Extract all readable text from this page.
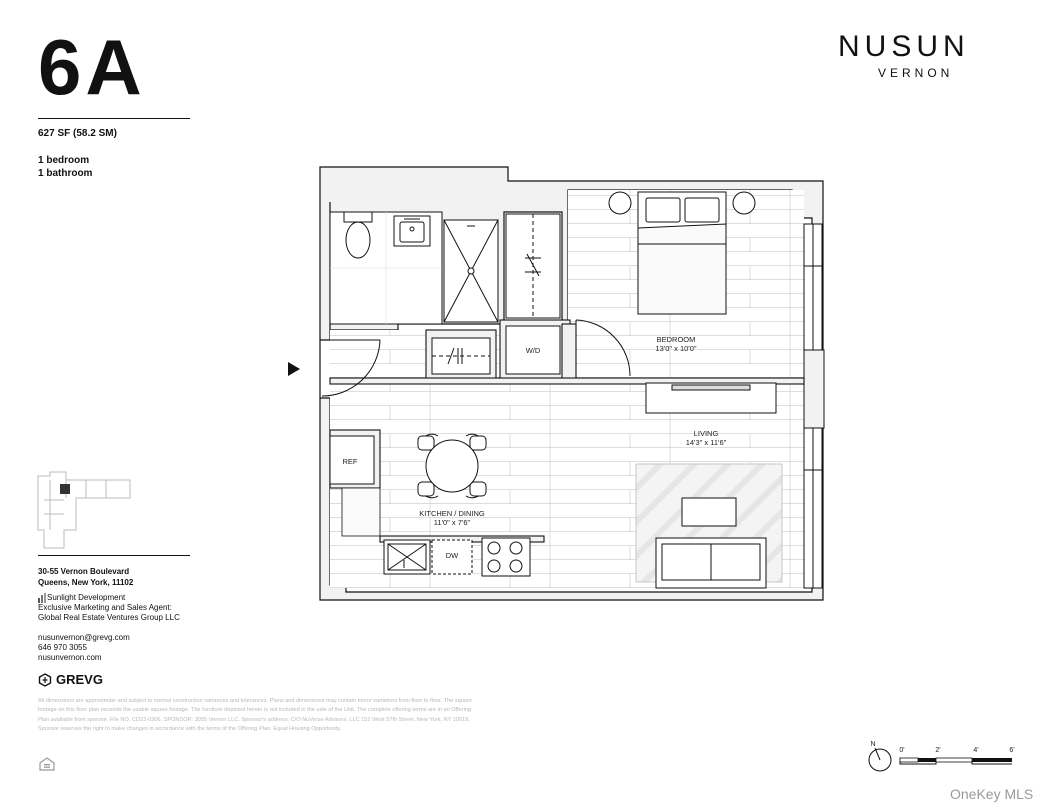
6A
627 SF (58.2 SM)
1 bedroom
1 bathroom
NUSUN
VERNON
30-55 Vernon Boulevard
Queens, New York, 11102
Sunlight Development
Exclusive Marketing and Sales Agent:
Global Real Estate Ventures Group LLC
nusunvernon@grevg.com
646 970 3055
nusunvernon.com
GREVG
All dimensions are approximate and subject to normal construction variances and tolerances. Plans and dimensions may contain minor variations from floor to floor. The square footage on this floor plan exceeds the usable square footage. The furniture depicted herein is not included in the sale of the Unit. The complete offering terms are in an Offering Plan available from sponsor. File NO. CD23-0306. SPONSOR: 3055 Vernon LLC. Sponsor's address: C/O NuVerse Advisors, LLC 152 West 57th Street, New York, NY 10019. Sponsor reserves the right to make changes in accordance with the terms of the Offering Plan. Equal Housing Opportunity.
W/D
REF
DW
BEDROOM
13'0" x 10'0"
LIVING
14'3" x 11'6"
KITCHEN / DINING
11'0" x 7'6"
N
0'	2'	4'	6'
OneKey MLS
